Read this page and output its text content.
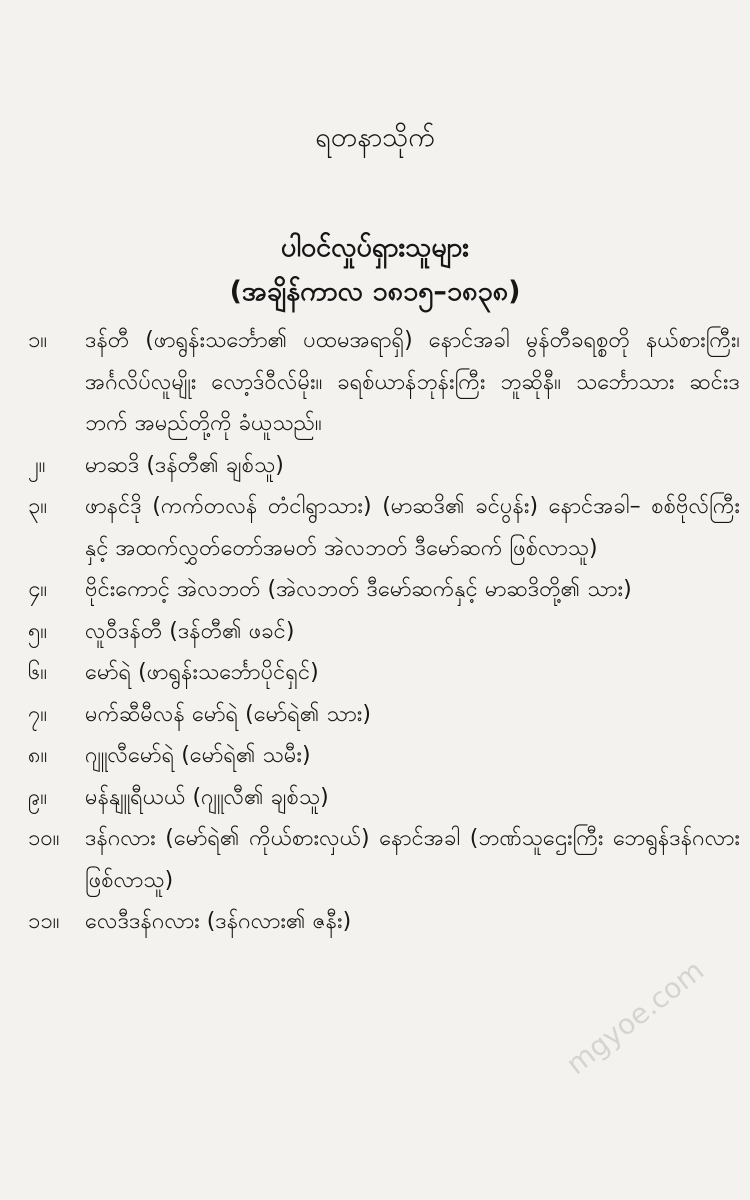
ရတနာသိုက်
ပါဝင်လှုပ်ရှားသူများ
(အချိန်ကာလ ၁၈၁၅–၁၈၃၈)
၁။	ဒန်တီ (ဖာရွန်းသင်္ဘော၏ ပထမအရာရှိ) နောင်အခါ မွန်တီခရစ္စတို နယ်စားကြီး၊ အင်္ဂလိပ်လူမျိုး လော့ဒ်ဝီလ်မိုး။ ခရစ်ယာန်ဘုန်းကြီး ဘူဆိုနီ။ သင်္ဘောသား ဆင်းဒဘက် အမည်တို့ကို ခံယူသည်။
၂။	မာဆဒိ (ဒန်တီ၏ ချစ်သူ)
၃။	ဖာနင်ဒို (ကက်တလန် တံငါရွာသား) (မာဆဒိ၏ ခင်ပွန်း) နောင်အခါ– စစ်ဗိုလ်ကြီးနှင့် အထက်လွှတ်တော်အမတ် အဲလဘတ် ဒီမော်ဆက် ဖြစ်လာသူ)
၄။	ဗိုင်းကောင့် အဲလဘတ် (အဲလဘတ် ဒီမော်ဆက်နှင့် မာဆဒိတို့၏ သား)
၅။	လူဝီဒန်တီ (ဒန်တီ၏ ဖခင်)
၆။	မော်ရဲ (ဖာရွန်းသင်္ဘောပိုင်ရှင်)
၇။	မက်ဆီမီလန် မော်ရဲ (မော်ရဲ၏ သား)
၈။	ဂျူလီမော်ရဲ (မော်ရဲ၏ သမီး)
၉။	မန်နျူရီယယ် (ဂျူလီ၏ ချစ်သူ)
၁၀။	ဒန်ဂလား (မော်ရဲ၏ ကိုယ်စားလှယ်) နောင်အခါ (ဘဏ်သူဌေးကြီး ဘေရွန်ဒန်ဂလား ဖြစ်လာသူ)
၁၁။	လေဒီဒန်ဂလား (ဒန်ဂလား၏ ဇနီး)
mgyoe.com
